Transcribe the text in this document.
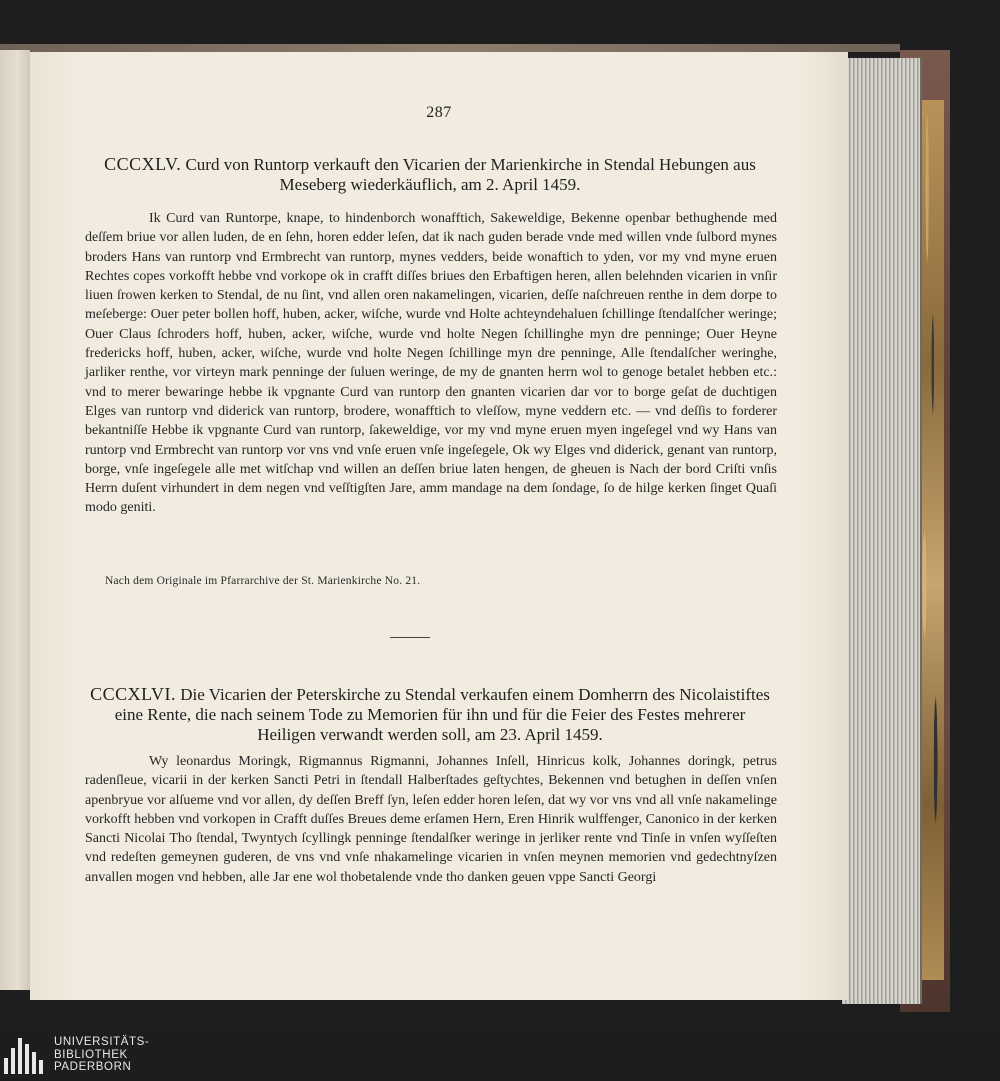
287
CCCXLV. Curd von Runtorp verkauft den Vicarien der Marienkirche in Stendal Hebungen aus Meseberg wiederkäuflich, am 2. April 1459.

Ik Curd van Runtorpe, knape, to hindenborch wonafftich, Sakeweldige, Bekenne openbar bethughende med deſſem briue vor allen luden, de en ſehn, horen edder leſen, dat ik nach guden berade vnde med willen vnde ſulbord mynes broders Hans van runtorp vnd Ermbrecht van runtorp, mynes vedders, beide wonaftich to yden, vor my vnd myne eruen Rechtes copes vorkofft hebbe vnd vorkope ok in crafft diſſes briues den Erbaftigen heren, allen belehnden vicarien in vnſir liuen ſrowen kerken to Stendal, de nu ſint, vnd allen oren nakamelingen, vicarien, deſſe naſchreuen renthe in dem dorpe to meſeberge: Ouer peter bollen hoff, huben, acker, wiſche, wurde vnd Holte achteyndehaluen ſchillinge ſtendalſcher weringe; Ouer Claus ſchroders hoff, huben, acker, wiſche, wurde vnd holte Negen ſchillinghe myn dre penninge; Ouer Heyne fredericks hoff, huben, acker, wiſche, wurde vnd holte Negen ſchillinge myn dre penninge, Alle ſtendalſcher weringhe, jarliker renthe, vor virteyn mark penninge der ſuluen weringe, de my de gnanten herrn wol to genoge betalet hebben etc.: vnd to merer bewaringe hebbe ik vpgnante Curd van runtorp den gnanten vicarien dar vor to borge geſat de duchtigen Elges van runtorp vnd diderick van runtorp, brodere, wonafftich to vleſſow, myne veddern etc. — vnd deſſis to forderer bekantniſſe Hebbe ik vpgnante Curd van runtorp, ſakeweldige, vor my vnd myne eruen myen ingeſegel vnd wy Hans van runtorp vnd Ermbrecht van runtorp vor vns vnd vnſe eruen vnſe ingeſegele, Ok wy Elges vnd diderick, genant van runtorp, borge, vnſe ingeſegele alle met witſchap vnd willen an deſſen briue laten hengen, de gheuen is Nach der bord Criſti vnſis Herrn duſent virhundert in dem negen vnd veſſtigſten Jare, amm mandage na dem ſondage, ſo de hilge kerken ſinget Quaſi modo geniti.

Nach dem Originale im Pfarrarchive der St. Marienkirche No. 21.
CCCXLVI. Die Vicarien der Peterskirche zu Stendal verkaufen einem Domherrn des Nicolaistiftes eine Rente, die nach seinem Tode zu Memorien für ihn und für die Feier des Festes mehrerer Heiligen verwandt werden soll, am 23. April 1459.

Wy leonardus Moringk, Rigmannus Rigmanni, Johannes Inſell, Hinricus kolk, Johannes doringk, petrus radenſleue, vicarii in der kerken Sancti Petri in ſtendall Halberſtades geſtychtes, Bekennen vnd betughen in deſſen vnſen apenbryue vor alſueme vnd vor allen, dy deſſen Breff ſyn, leſen edder horen leſen, dat wy vor vns vnd all vnſe nakamelinge vorkofft hebben vnd vorkopen in Crafft duſſes Breues deme erſamen Hern, Eren Hinrik wulffenger, Canonico in der kerken Sancti Nicolai Tho ſtendal, Twyntych ſcyllingk penninge ſtendalſker weringe in jerliker rente vnd Tinſe in vnſen wyſſeſten vnd redeſten gemeynen guderen, de vns vnd vnſe nhakamelinge vicarien in vnſen meynen memorien vnd gedechtnyſzen anvallen mogen vnd hebben, alle Jar ene wol thobetalende vnde tho danken geuen vppe Sancti Georgi

UNIVERSITÄTS-
BIBLIOTHEK
PADERBORN
